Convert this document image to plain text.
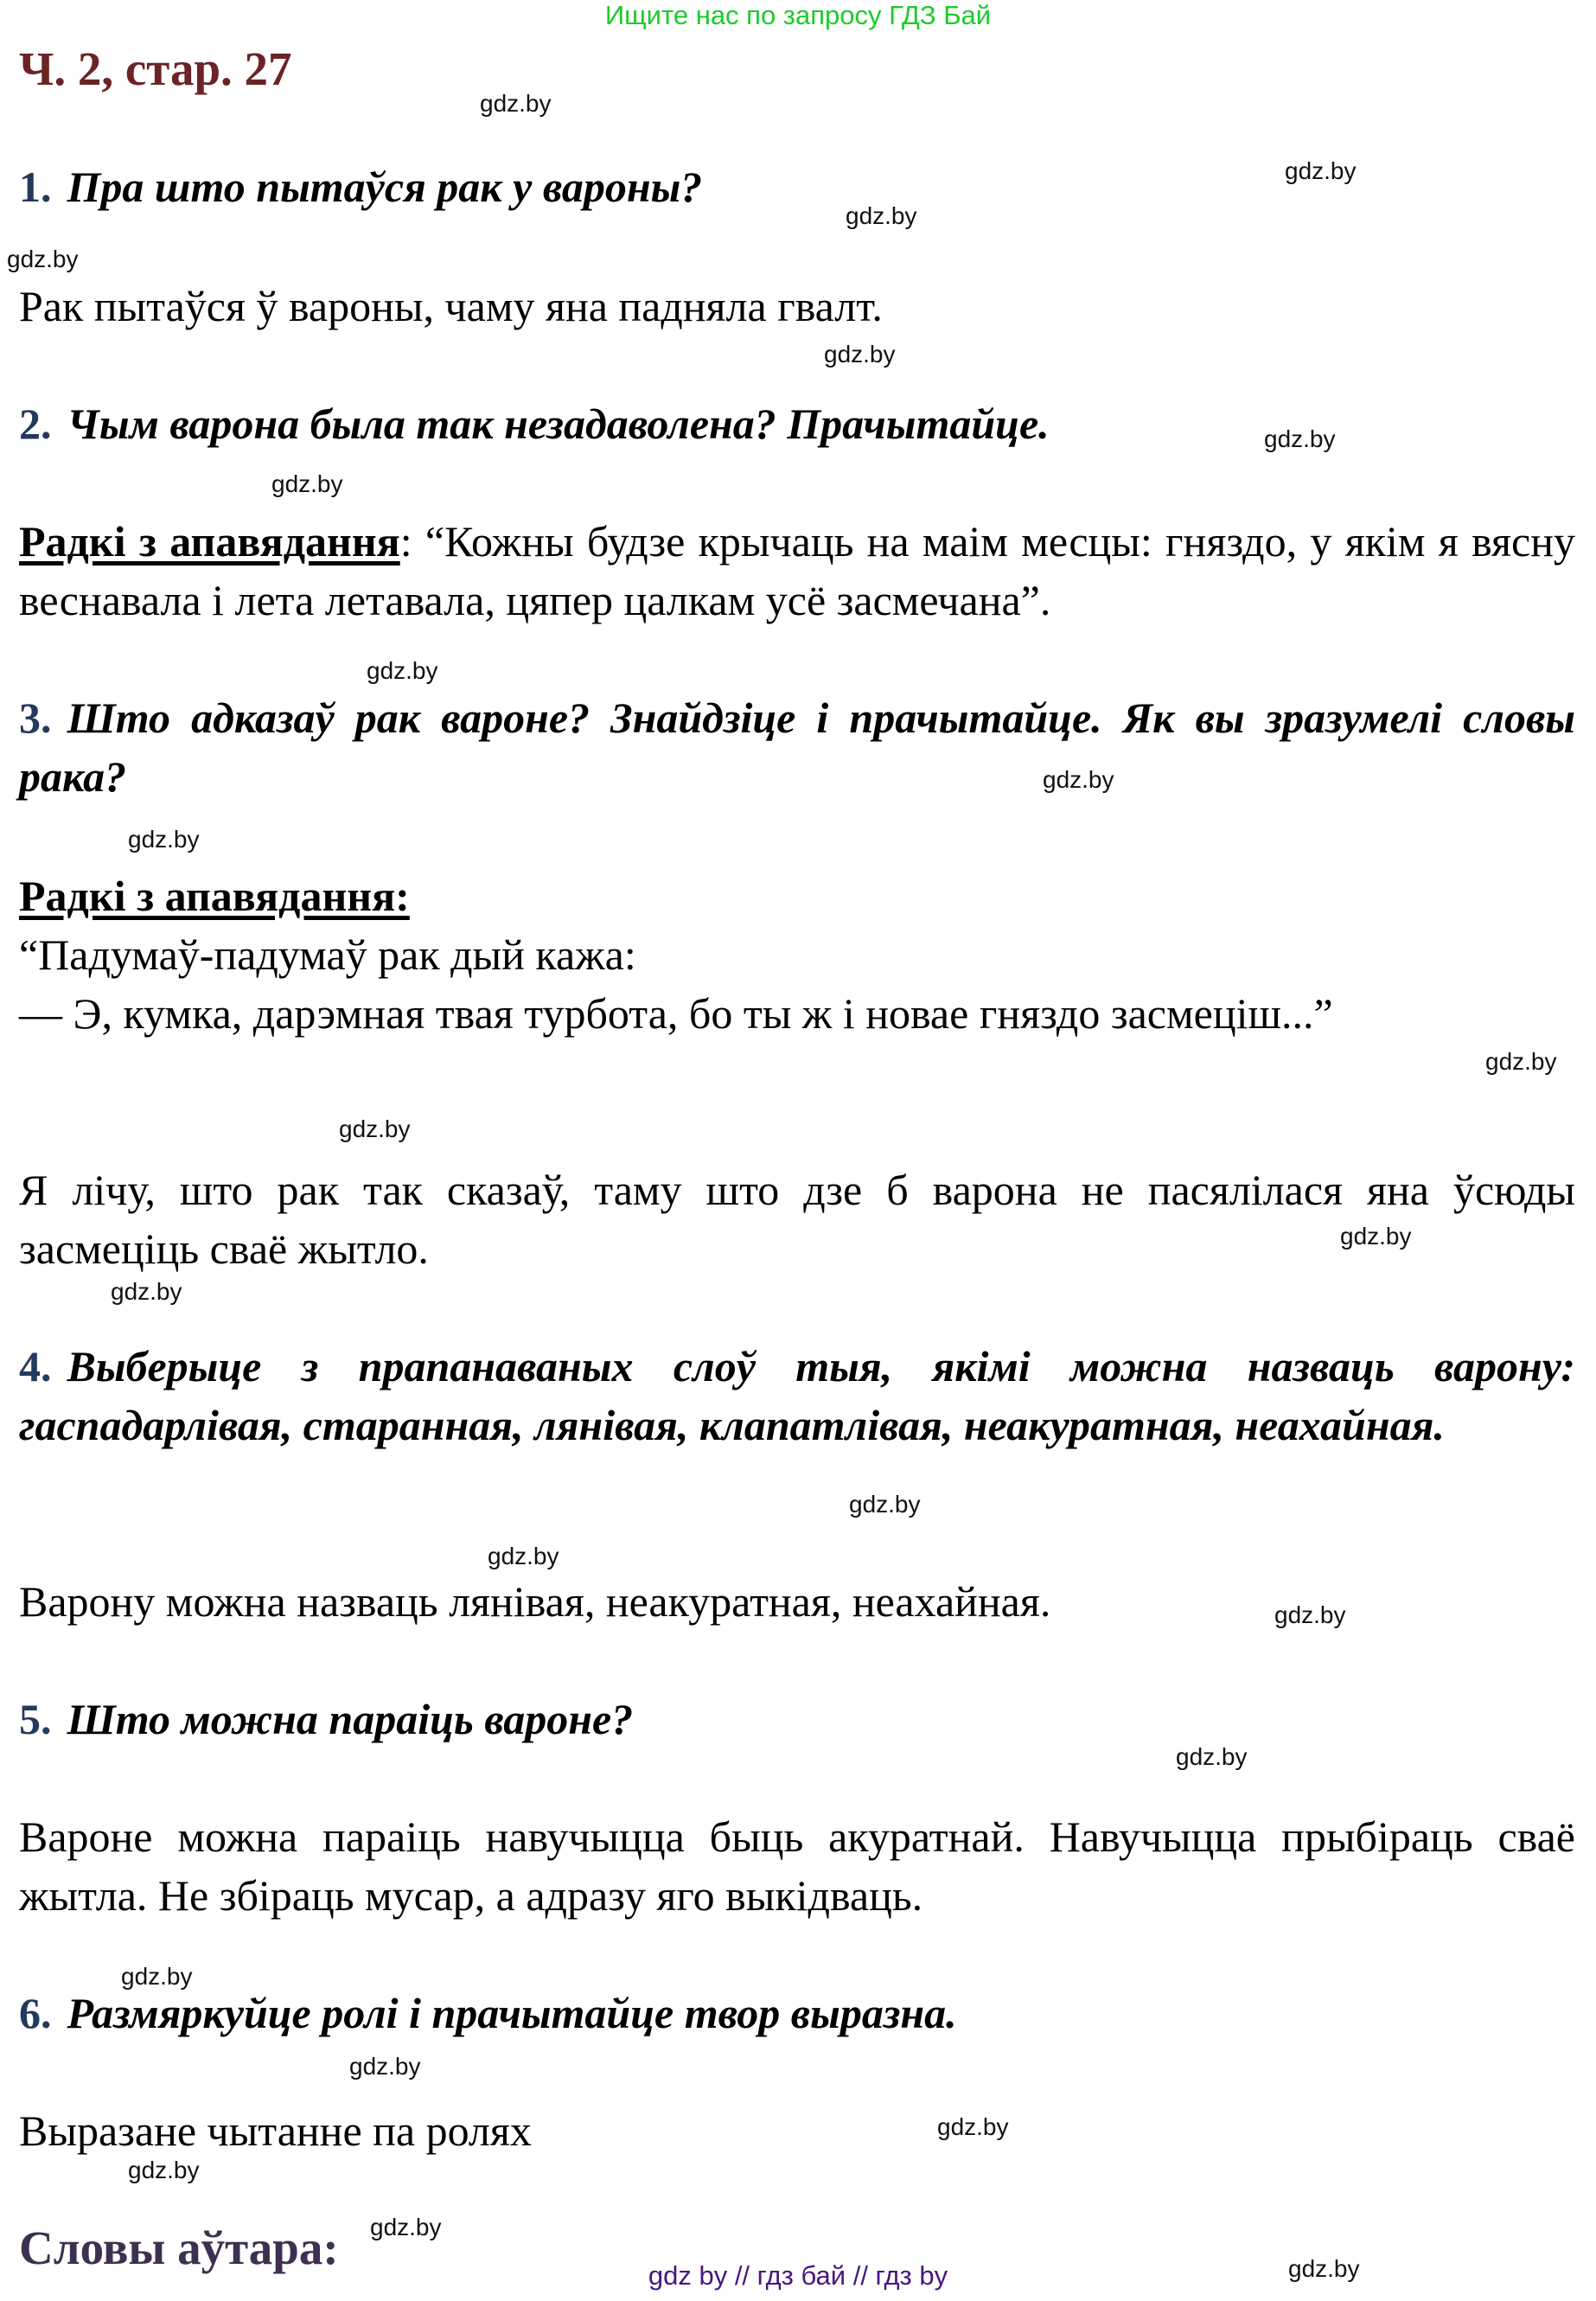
Ищите нас по запросу ГДЗ Бай
Ч. 2, стар. 27
1. Пра што пытаўся рак у вароны?
Рак пытаўся ў вароны, чаму яна падняла гвалт.
2. Чым варона была так незадаволена? Прачытайце.
Радкі з апавядання: “Кожны будзе крычаць на маім месцы: гняздо, у якім я вясну веснавала і лета летавала, цяпер цалкам усё засмечана”.
3. Што адказаў рак вароне? Знайдзіце і прачытайце. Як вы зразумелі словы рака?
Радкі з апавядання:
“Падумаў-падумаў рак дый кажа:
— Э, кумка, дарэмная твая турбота, бо ты ж і новае гняздо засмеціш...”
Я лічу, што рак так сказаў, таму што дзе б варона не пасялілася яна ўсюды засмеціць сваё жытло.
4. Выберыце з прапанаваных слоў тыя, якімі можна назваць варону: гаспадарлівая, старанная, лянівая, клапатлівая, неакуратная, неахайная.
Варону можна назваць лянівая, неакуратная, неахайная.
5. Што можна параіць вароне?
Вароне можна параіць навучыцца быць акуратнай. Навучыцца прыбіраць сваё жытла. Не збіраць мусар, а адразу яго выкідваць.
6. Размяркуйце ролі і прачытайце твор выразна.
Выразане чытанне па ролях
Словы аўтара:
gdz.by
gdz.by
gdz.by
gdz.by
gdz.by
gdz.by
gdz.by
gdz.by
gdz.by
gdz.by
gdz.by
gdz.by
gdz.by
gdz.by
gdz.by
gdz.by
gdz.by
gdz.by
gdz.by
gdz.by
gdz.by
gdz.by
gdz.by
gdz.by
gdz by // гдз бай // гдз by
